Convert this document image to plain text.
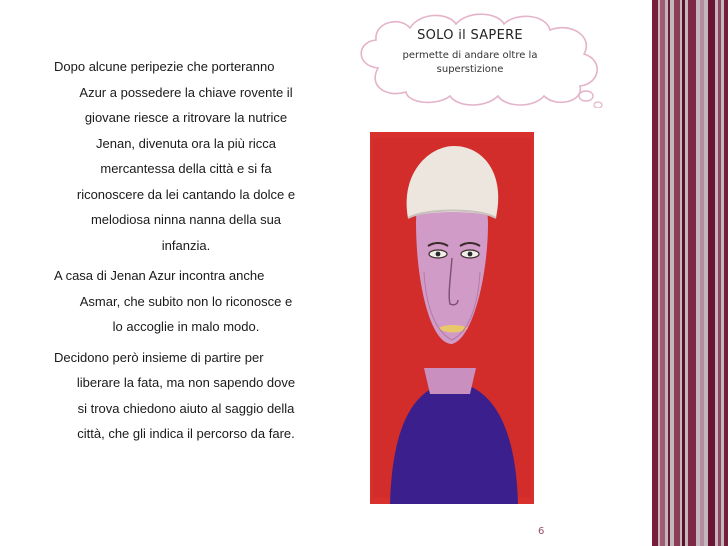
Dopo alcune peripezie che porteranno
Azur a possedere la chiave rovente il
giovane riesce a ritrovare la nutrice
Jenan, divenuta ora la più ricca
mercantessa della città e si fa
riconoscere da lei cantando la dolce e
melodiosa ninna nanna della sua
infanzia.

A casa di Jenan Azur incontra anche
Asmar, che subito non lo riconosce e
lo accoglie in malo modo.

Decidono però insieme di partire per
liberare la fata, ma non sapendo dove
si trova chiedono aiuto al saggio della
città, che gli indica il percorso da fare.

SOLO il SAPERE
permette di andare oltre la
superstizione
6
